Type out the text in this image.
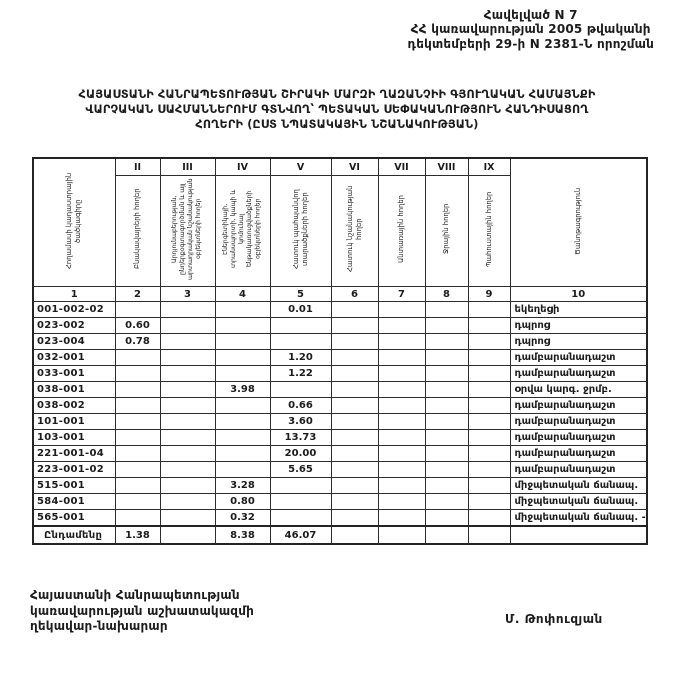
Հավելված N 7
ՀՀ կառավարության 2005 թվականի
դեկտեմբերի 29-ի N 2381-Ն որոշման
ՀԱՅԱՍՏԱՆԻ ՀԱՆՐԱՊԵՏՈՒԹՅԱՆ ՇԻՐԱԿԻ ՄԱՐԶԻ ՂԱԶԱՆՉԻԻ ԳՅՈՒՂԱԿԱՆ ՀԱՄԱՅՆՔԻ
ՎԱՐՉԱԿԱՆ ՍԱՀՄԱՆՆԵՐՈՒՄ ԳՏՆՎՈՂ՝ ՊԵՏԱԿԱՆ ՍԵՓԱԿԱՆՈՒԹՅՈՒՆ ՀԱՆԴԻՍԱՑՈՂ
ՀՈՂԵՐԻ (ԸՍՏ ՆՊԱՏԱԿԱՅԻՆ ՆՇԱՆԱԿՈՒԹՅԱՆ)
Հողամասի կադաստրային ծածկագիրը	II	III	IV	V	VI	VII	VIII	IX	Ծանոթագրություն
	Բնակավայրերի հողեր	Արդյունաբերության, ընդերքօգտագործման և այլ արտադրական նշանակության օբյեկտների հողեր	Էներգետիկայի, տրանսպորտի, կապի և կոմունալ ենթակառուցվածքների օբյեկտների հողեր	Հատուկ պահպանվող տարածքների հողեր	Հատուկ նշանակության հողեր	Անտառային հողեր	Ջրային հողեր	Պահուստային հողեր	
1	2	3	4	5	6	7	8	9	10
001-002-02				0.01					եկեղեցի
023-002	0.60								դպրոց
023-004	0.78								դպրոց
032-001				1.20					դամբարանադաշտ
033-001				1.22					դամբարանադաշտ
038-001			3.98						օրվա կարգ. ջրմբ.
038-002				0.66					դամբարանադաշտ
101-001				3.60					դամբարանադաշտ
103-001				13.73					դամբարանադաշտ
221-001-04				20.00					դամբարանադաշտ
223-001-02				5.65					դամբարանադաշտ
515-001			3.28						միջպետական ճանապ.
584-001			0.80						միջպետական ճանապ.
565-001			0.32						միջպետական ճանապ. -
Ընդամենը	1.38		8.38	46.07					
Հայաստանի Հանրապետության
կառավարության աշխատակազմի
ղեկավար-նախարար
Մ. Թոփուզյան
